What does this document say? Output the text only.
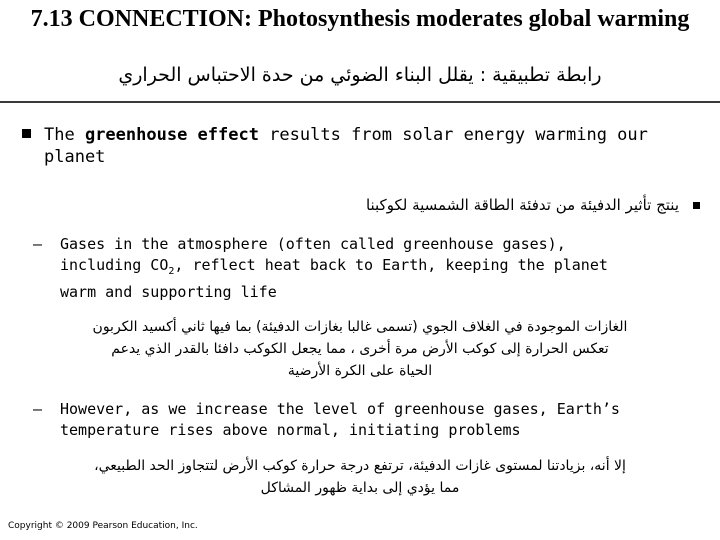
7.13 CONNECTION: Photosynthesis moderates global warming
رابطة تطبيقية : يقلل البناء الضوئي من حدة الاحتباس الحراري
The greenhouse effect results from solar energy warming our planet
ينتج تأثير الدفيئة من تدفئة الطاقة الشمسية لكوكبنا
– Gases in the atmosphere (often called greenhouse gases), including $CO_2$, reflect heat back to Earth, keeping the planet warm and supporting life
الغازات الموجودة في الغلاف الجوي (تسمى غالبا بغازات الدفيئة) بما فيها ثاني أكسيد الكربون
تعكس الحرارة إلى كوكب الأرض مرة أخرى ، مما يجعل الكوكب دافئا بالقدر الذي يدعم
الحياة على الكرة الأرضية
– However, as we increase the level of greenhouse gases, Earth’s temperature rises above normal, initiating problems
إلا أنه، بزيادتنا لمستوى غازات الدفيئة، ترتفع درجة حرارة كوكب الأرض لتتجاوز الحد الطبيعي،
مما يؤدي إلى بداية ظهور المشاكل
Copyright © 2009 Pearson Education, Inc.
